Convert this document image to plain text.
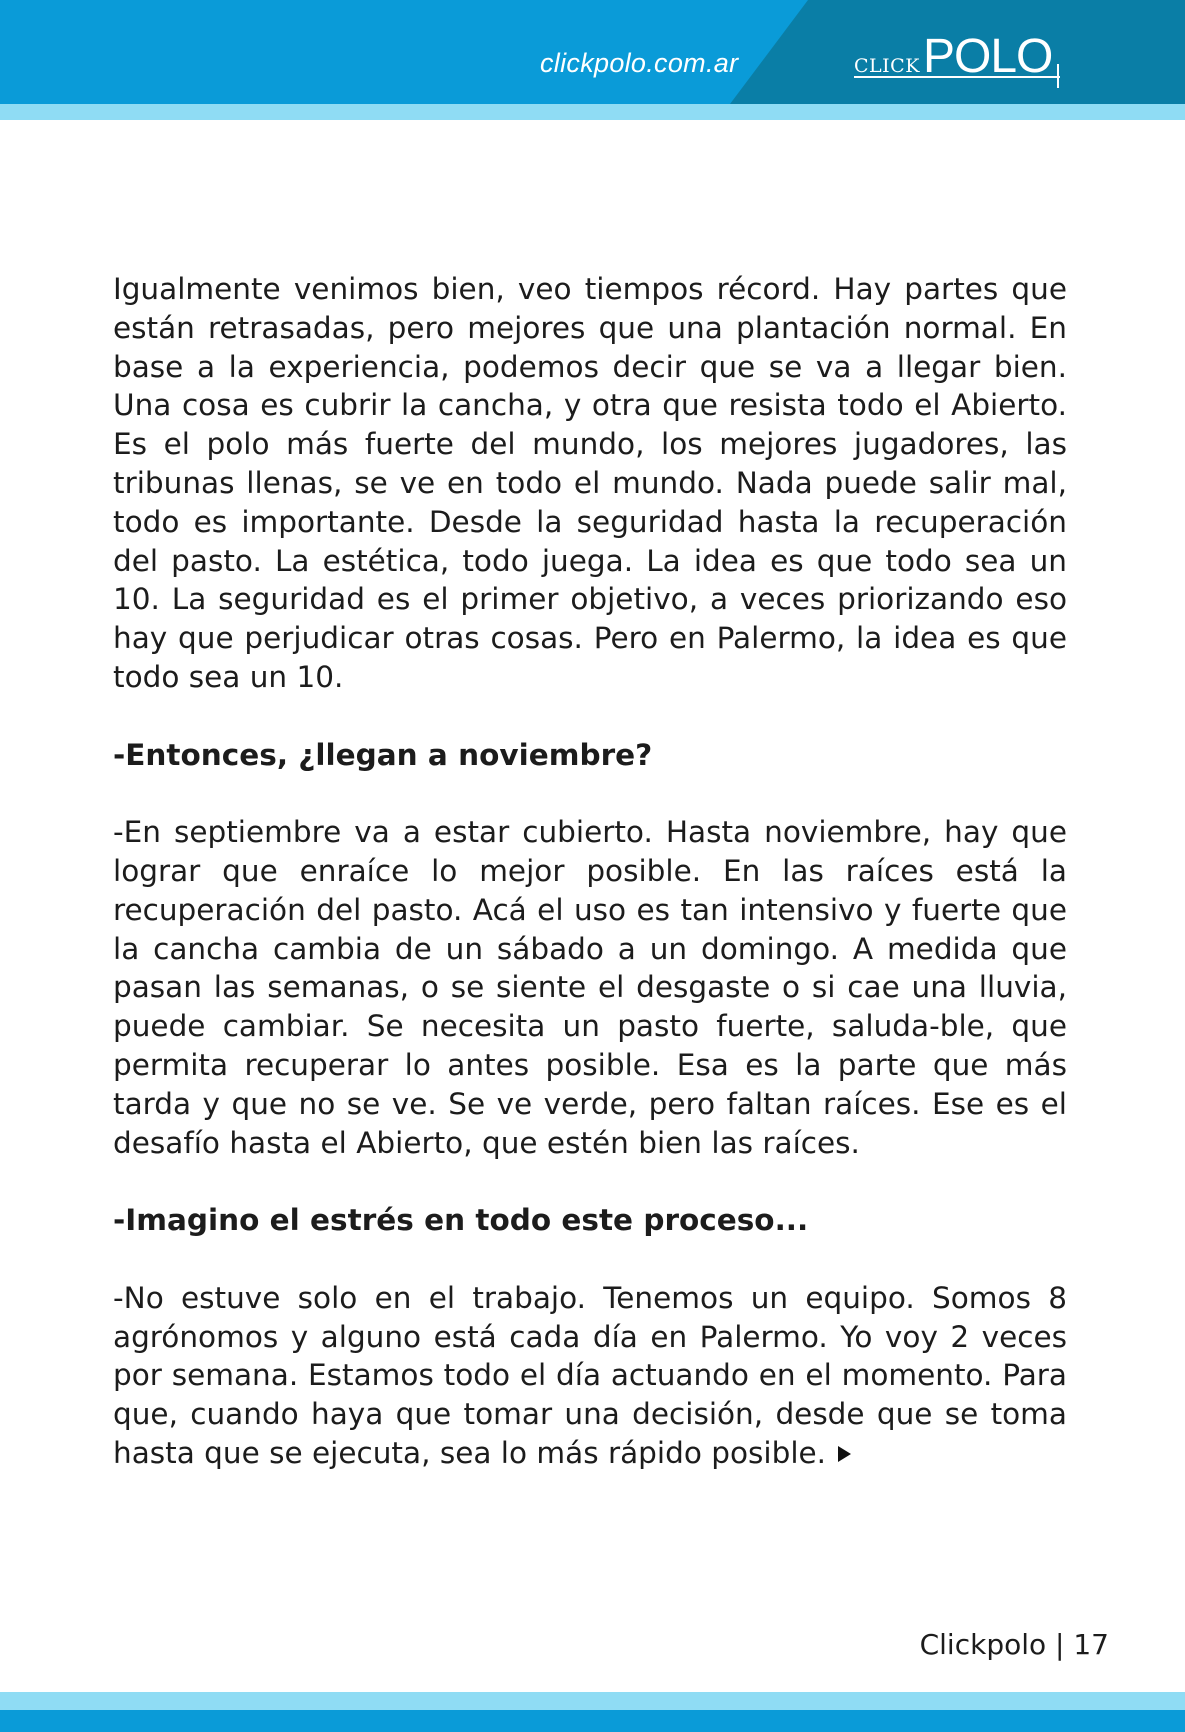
clickpolo.com.ar	CLICK POLO

Igualmente venimos bien, veo tiempos récord. Hay partes que están retrasadas, pero mejores que una plantación normal. En base a la experiencia, podemos decir que se va a llegar bien. Una cosa es cubrir la cancha, y otra que resista todo el Abierto. Es el polo más fuerte del mundo, los mejores jugadores, las tribunas llenas, se ve en todo el mundo. Nada puede salir mal, todo es importante. Desde la seguridad hasta la recuperación del pasto. La estética, todo juega. La idea es que todo sea un 10. La seguridad es el primer objetivo, a veces priorizando eso hay que perjudicar otras cosas. Pero en Palermo, la idea es que todo sea un 10.

-Entonces, ¿llegan a noviembre?

-En septiembre va a estar cubierto. Hasta noviembre, hay que lograr que enraíce lo mejor posible. En las raíces está la recuperación del pasto. Acá el uso es tan intensivo y fuerte que la cancha cambia de un sábado a un domingo. A medida que pasan las semanas, o se siente el desgaste o si cae una lluvia, puede cambiar. Se necesita un pasto fuerte, saluda-ble, que permita recuperar lo antes posible. Esa es la parte que más tarda y que no se ve. Se ve verde, pero faltan raíces. Ese es el desafío hasta el Abierto, que estén bien las raíces.

-Imagino el estrés en todo este proceso...

-No estuve solo en el trabajo. Tenemos un equipo. Somos 8 agrónomos y alguno está cada día en Palermo. Yo voy 2 veces por semana. Estamos todo el día actuando en el momento. Para que, cuando haya que tomar una decisión, desde que se toma hasta que se ejecuta, sea lo más rápido posible.

Clickpolo | 17
